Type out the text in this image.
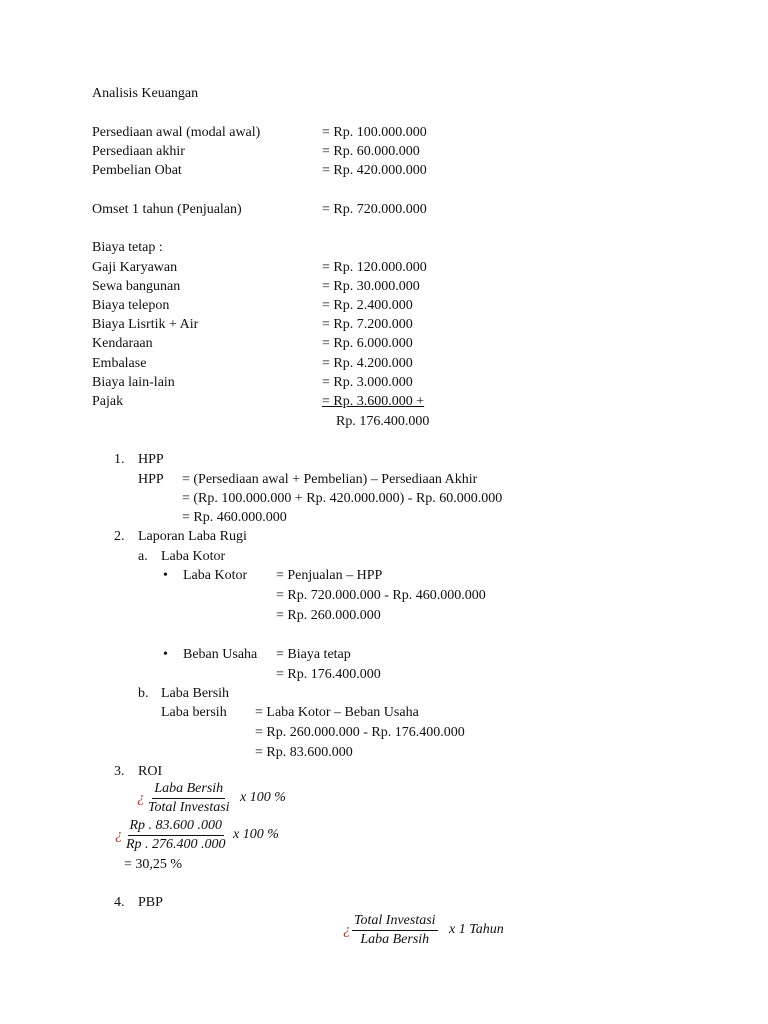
Analisis Keuangan
Persediaan awal (modal awal)	= Rp. 100.000.000
Persediaan akhir	= Rp. 60.000.000
Pembelian Obat	= Rp. 420.000.000
Omset 1 tahun (Penjualan)	= Rp. 720.000.000
Biaya tetap :
Gaji Karyawan	= Rp. 120.000.000
Sewa bangunan	= Rp. 30.000.000
Biaya telepon	= Rp. 2.400.000
Biaya Lisrtik + Air	= Rp. 7.200.000
Kendaraan	= Rp. 6.000.000
Embalase	= Rp. 4.200.000
Biaya lain-lain	= Rp. 3.000.000
Pajak	= Rp. 3.600.000 +
Rp. 176.400.000
1. HPP
HPP = (Persediaan awal + Pembelian) – Persediaan Akhir
= (Rp. 100.000.000 + Rp. 420.000.000) - Rp. 60.000.000
= Rp. 460.000.000
2. Laporan Laba Rugi
a. Laba Kotor
• Laba Kotor = Penjualan – HPP
= Rp. 720.000.000 - Rp. 460.000.000
= Rp. 260.000.000
• Beban Usaha = Biaya tetap
= Rp. 176.400.000
b. Laba Bersih
Laba bersih = Laba Kotor – Beban Usaha
= Rp. 260.000.000 - Rp. 176.400.000
= Rp. 83.600.000
3. ROI
¿
Laba Bersih
Total Investasi
x 100 %
¿ $\frac{Rp . 83.600 .000}{Rp . 276.400 .000}$ x 100 %
= 30,25 %
4. PBP
¿
Total Investasi
Laba Bersih
x 1 Tahun
